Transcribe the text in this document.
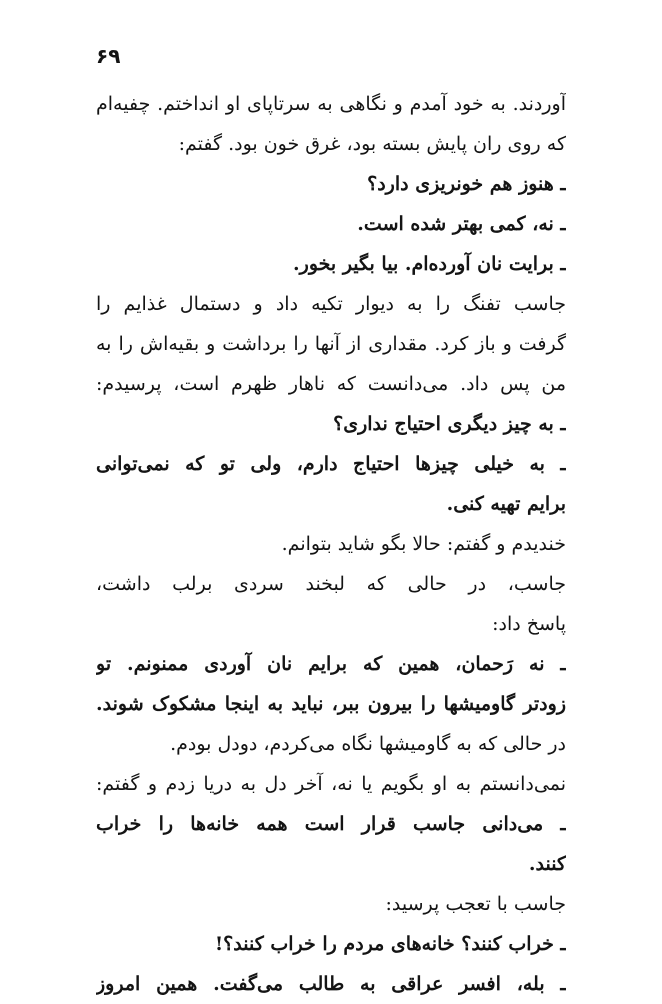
۶۹
آوردند. به خود آمدم و نگاهی به سرتاپای او انداختم. چفیه‌ام
که روی ران پایش بسته بود، غرق خون بود. گفتم:
ـ هنوز هم خونریزی دارد؟
ـ نه، کمی بهتر شده است.
ـ برایت نان آورده‌ام. بیا بگیر بخور.
جاسب تفنگ را به دیوار تکیه داد و دستمال غذایم را
گرفت و باز کرد. مقداری از آنها را برداشت و بقیه‌اش را به
من پس داد. می‌دانست که ناهار ظهرم است، پرسیدم:
ـ به چیز دیگری احتیاج نداری؟
ـ به خیلی چیزها احتیاج دارم، ولی تو که نمی‌توانی
برایم تهیه کنی.
خندیدم و گفتم: حالا بگو شاید بتوانم.
جاسب، در حالی که لبخند سردی برلب داشت،
پاسخ داد:
ـ نه رَحمان، همین که برایم نان آوردی ممنونم. تو
زودتر گاومیشها را بیرون ببر، نباید به اینجا مشکوک شوند.
در حالی که به گاومیشها نگاه می‌کردم، دودل بودم.
نمی‌دانستم به او بگویم یا نه، آخر دل به دریا زدم و گفتم:
ـ می‌دانی جاسب قرار است همه خانه‌ها را خراب
کنند.
جاسب با تعجب پرسید:
ـ خراب کنند؟ خانه‌های مردم را خراب کنند؟!
ـ بله، افسر عراقی به طالب می‌گفت. همین امروز
